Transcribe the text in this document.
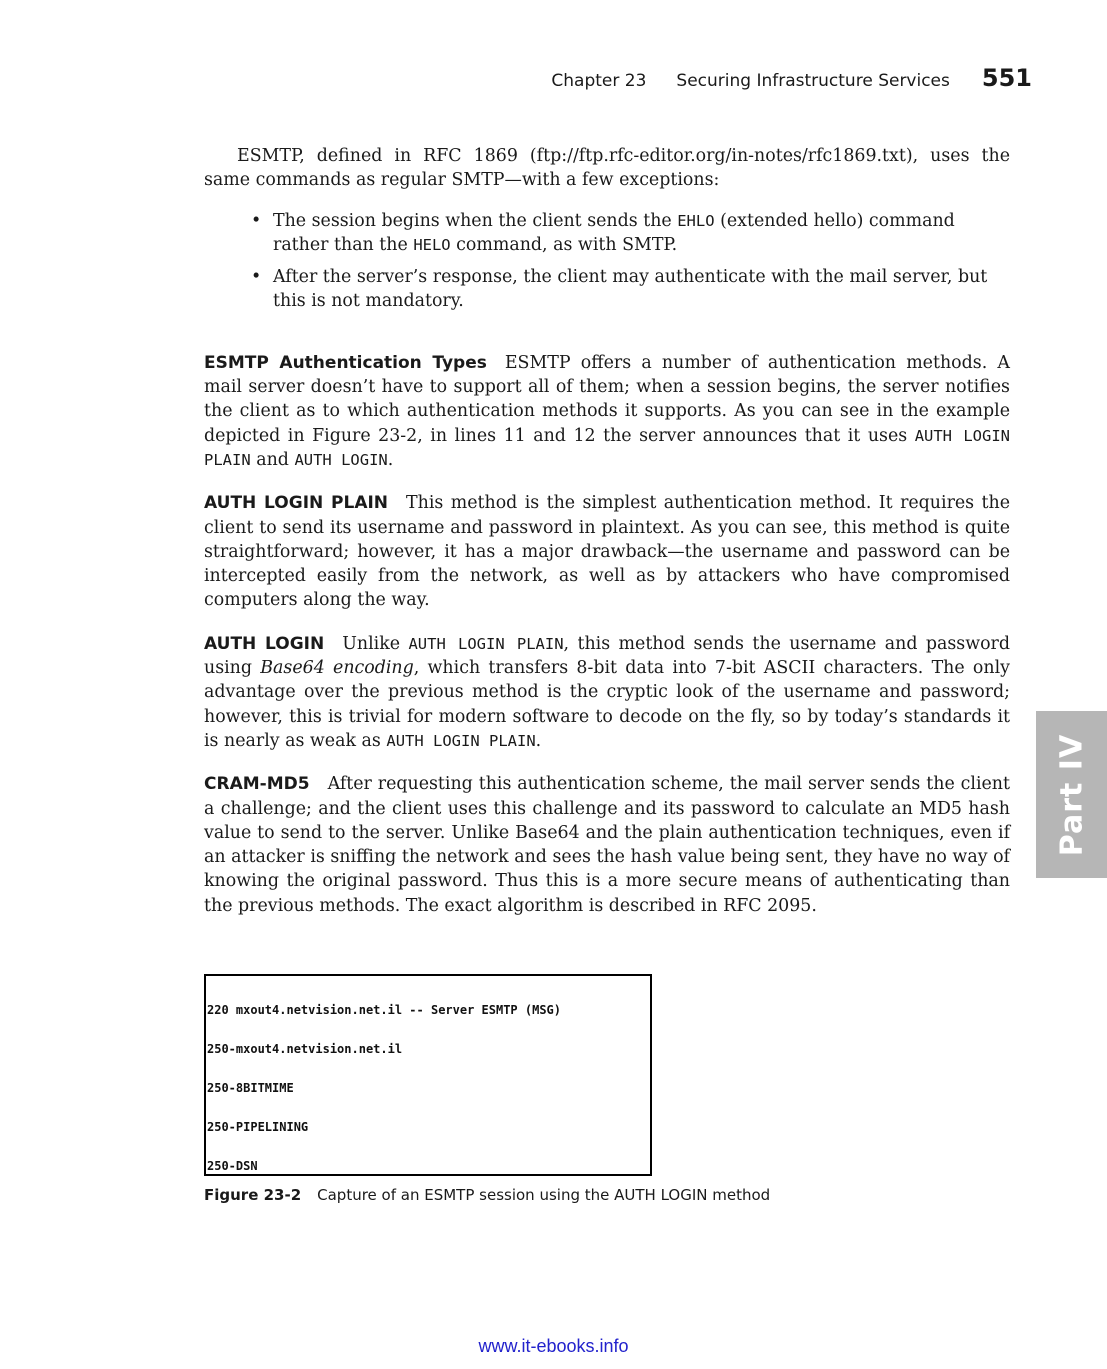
Chapter 23 Securing Infrastructure Services 551

ESMTP, defined in RFC 1869 (ftp://ftp.rfc-editor.org/in-notes/rfc1869.txt), uses the same commands as regular SMTP—with a few exceptions:

• The session begins when the client sends the EHLO (extended hello) command rather than the HELO command, as with SMTP.
• After the server’s response, the client may authenticate with the mail server, but this is not mandatory.

ESMTP Authentication Types ESMTP offers a number of authentication methods. A mail server doesn’t have to support all of them; when a session begins, the server notifies the client as to which authentication methods it supports. As you can see in the example depicted in Figure 23-2, in lines 11 and 12 the server announces that it uses AUTH LOGIN PLAIN and AUTH LOGIN.

AUTH LOGIN PLAIN This method is the simplest authentication method. It requires the client to send its username and password in plaintext. As you can see, this method is quite straightforward; however, it has a major drawback—the username and password can be intercepted easily from the network, as well as by attackers who have compromised computers along the way.

AUTH LOGIN Unlike AUTH LOGIN PLAIN, this method sends the username and password using Base64 encoding, which transfers 8-bit data into 7-bit ASCII characters. The only advantage over the previous method is the cryptic look of the username and password; however, this is trivial for modern software to decode on the fly, so by today’s standards it is nearly as weak as AUTH LOGIN PLAIN.

CRAM-MD5 After requesting this authentication scheme, the mail server sends the client a challenge; and the client uses this challenge and its password to calculate an MD5 hash value to send to the server. Unlike Base64 and the plain authentication techniques, even if an attacker is sniffing the network and sees the hash value being sent, they have no way of knowing the original password. Thus this is a more secure means of authenticating than the previous methods. The exact algorithm is described in RFC 2095.

220 mxout4.netvision.net.il -- Server ESMTP (MSG)

250-mxout4.netvision.net.il

250-8BITMIME

250-PIPELINING

250-DSN

Figure 23-2 Capture of an ESMTP session using the AUTH LOGIN method
Part IV
www.it-ebooks.info
